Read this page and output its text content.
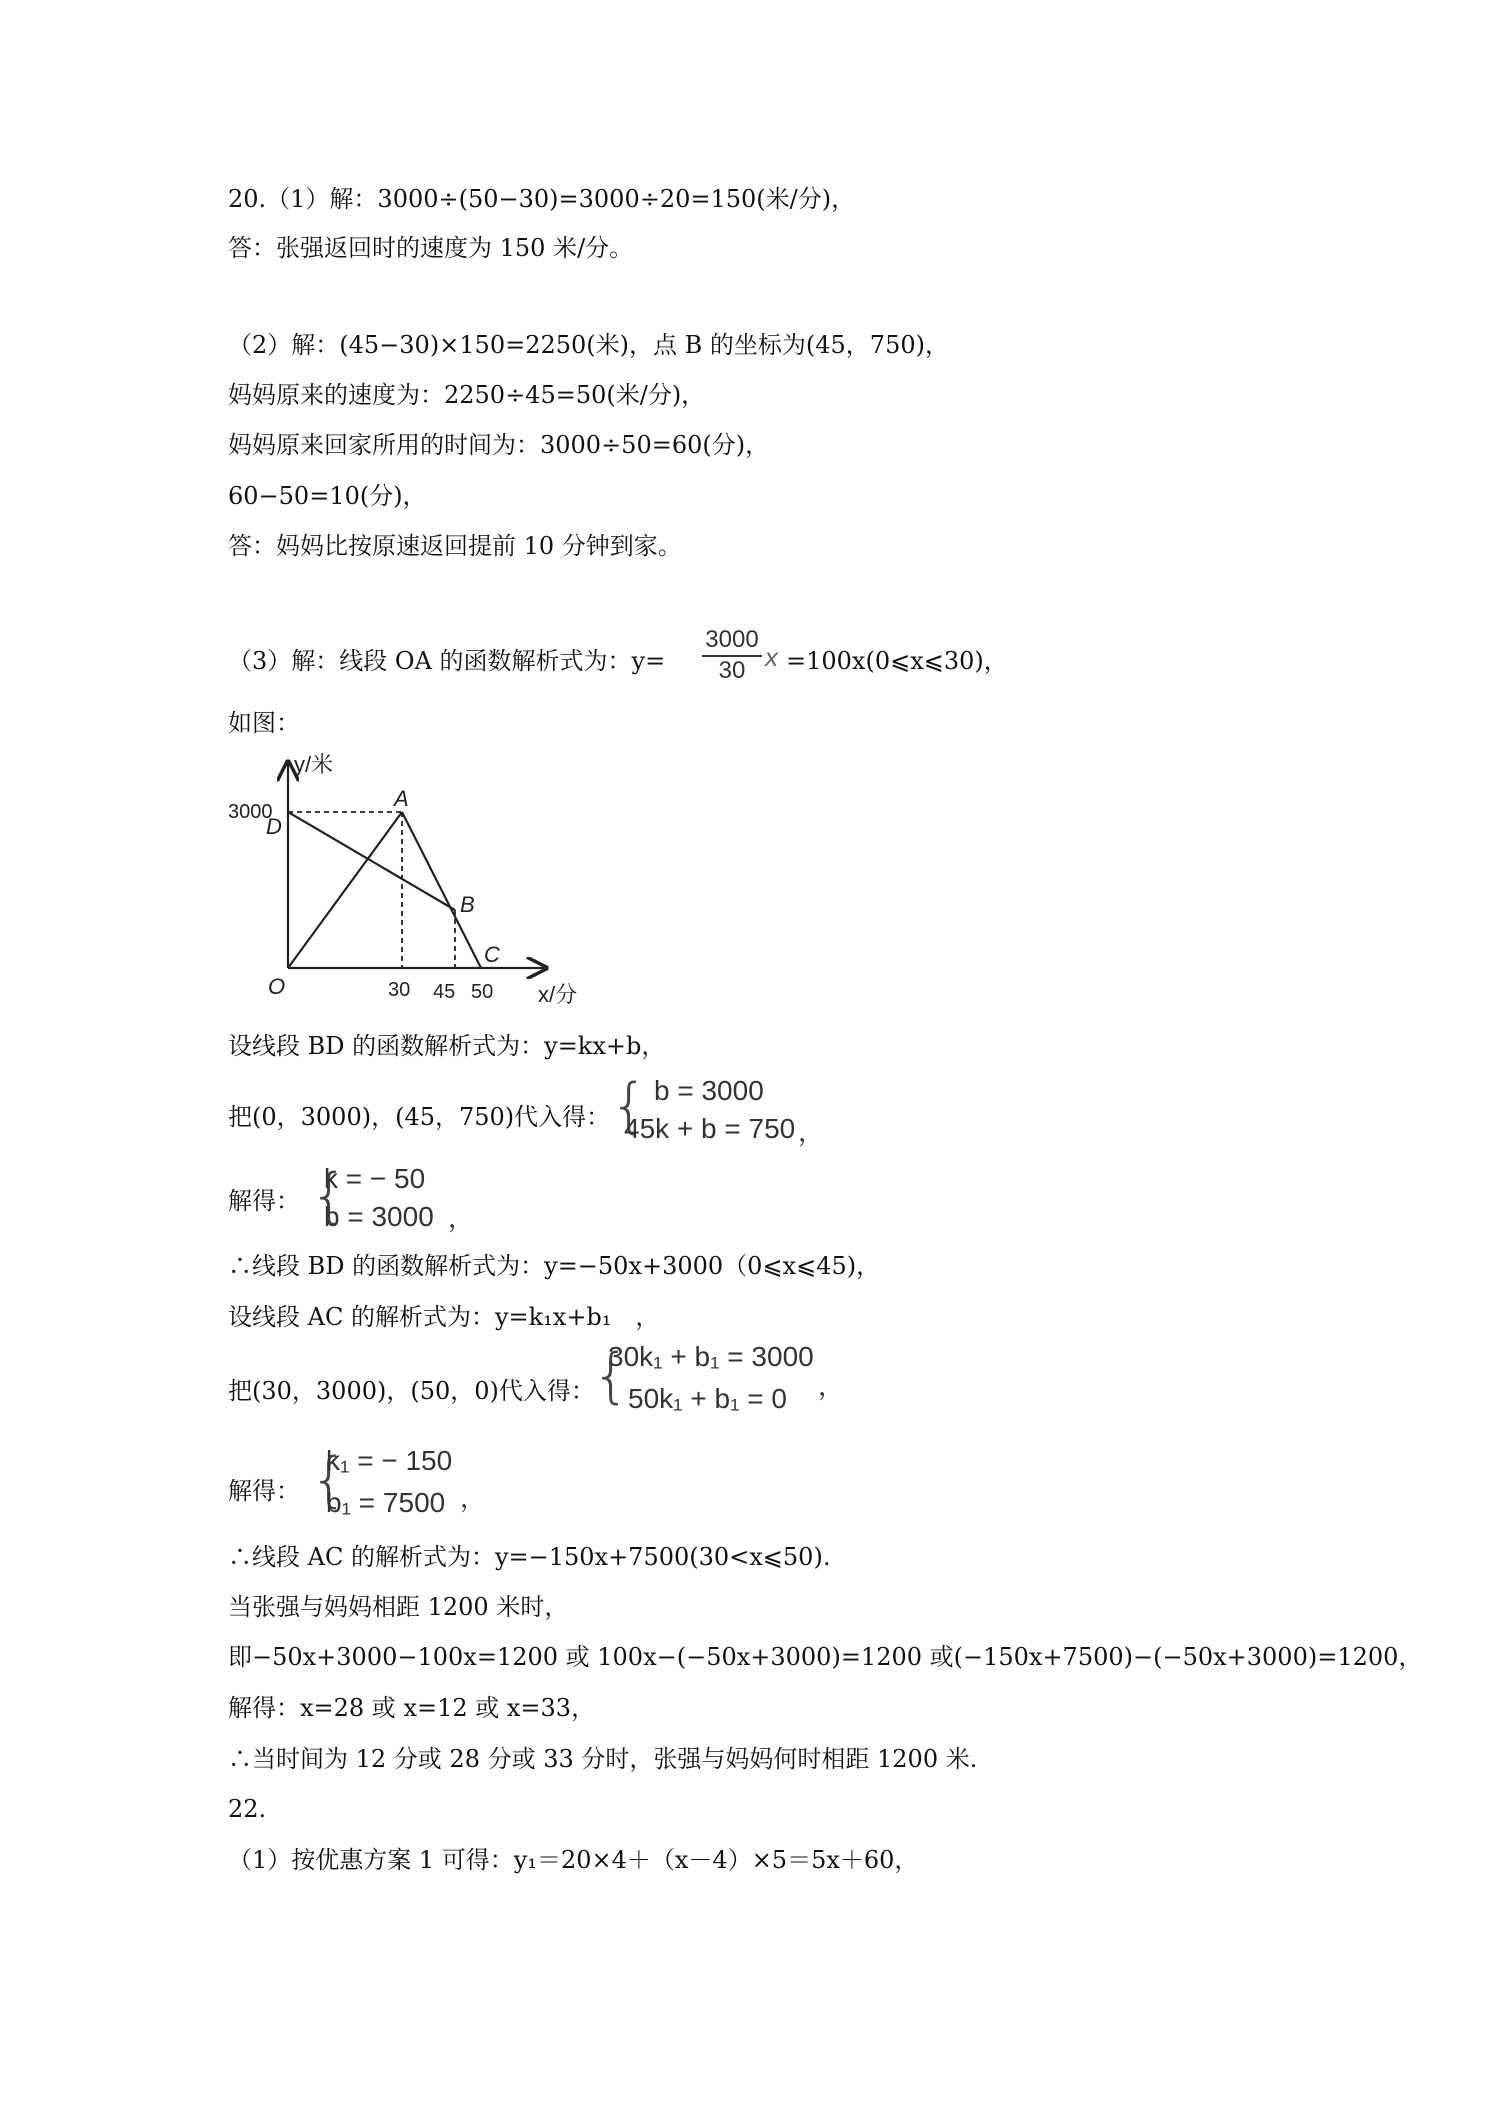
20.（1）解：3000÷(50−30)=3000÷20=150(米/分)，
答：张强返回时的速度为 150 米/分。
（2）解：(45−30)×150=2250(米)，点 B 的坐标为(45，750)，
妈妈原来的速度为：2250÷45=50(米/分)，
妈妈原来回家所用的时间为：3000÷50=60(分)，
60−50=10(分)，
答：妈妈比按原速返回提前 10 分钟到家。
（3）解：线段 OA 的函数解析式为：$y= \frac{3000}{30}$ x =100x(0⩽x⩽30)，
如图：
y/米
x/分
O
A
B
C
D
3000
30 45 50
设线段 BD 的函数解析式为：y=kx+b，
把(0，3000)，(45，750)代入得： { b = 3000
45k + b = 750 ，
解得： {
k = − 50
b = 3000 ，
∴线段 BD 的函数解析式为：y=−50x+3000（0⩽x⩽45)，
设线段 AC 的解析式为：y=k₁x+b₁　，
把(30，3000)，(50，0)代入得：
{
30k₁ + b₁ = 3000
50k₁ + b₁ = 0 ，
解得： {
k₁ = − 150
b₁ = 7500 ，
∴线段 AC 的解析式为：y=−150x+7500(30<x⩽50).
当张强与妈妈相距 1200 米时，
即−50x+3000−100x=1200 或 100x−(−50x+3000)=1200 或(−150x+7500)−(−50x+3000)=1200，
解得：x=28 或 x=12 或 x=33，
∴当时间为 12 分或 28 分或 33 分时，张强与妈妈何时相距 1200 米.
22.
（1）按优惠方案 1 可得：y₁＝20×4＋（x－4）×5＝5x＋60，
